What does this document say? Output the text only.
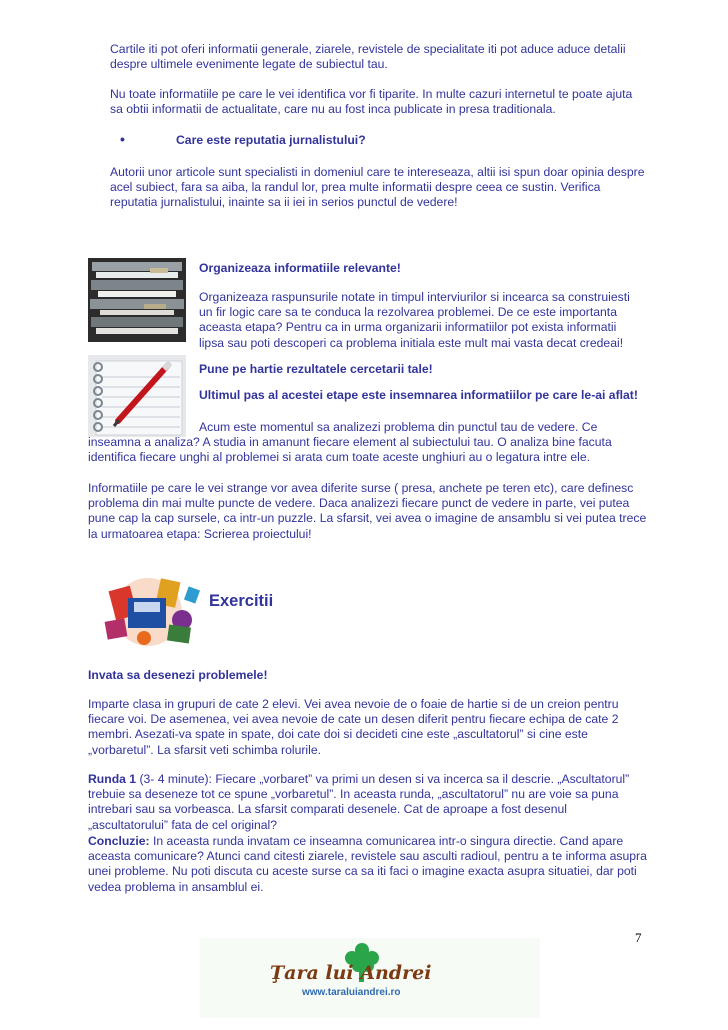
Cartile iti pot oferi informatii generale, ziarele, revistele de specialitate iti pot aduce aduce detalii despre ultimele evenimente legate de subiectul tau.

Nu toate informatiile pe care le vei identifica vor fi tiparite. In multe cazuri internetul te poate ajuta sa obtii informatii de actualitate, care nu au fost inca publicate in presa traditionala.

•	Care este reputatia jurnalistului?

Autorii unor articole sunt specialisti in domeniul care te intereseaza, altii isi spun doar opinia despre acel subiect, fara sa aiba, la randul lor, prea multe informatii despre ceea ce sustin. Verifica reputatia jurnalistului, inainte sa ii iei in serios punctul de vedere!

Organizeaza informatiile relevante!

Organizeaza raspunsurile notate in timpul interviurilor si incearca sa construiesti un fir logic care sa te conduca la rezolvarea problemei. De ce este importanta aceasta etapa? Pentru ca in urma organizarii informatiilor pot exista informatii lipsa sau poti descoperi ca problema initiala este mult mai vasta decat credeai!

Pune pe hartie rezultatele cercetarii tale!

Ultimul pas al acestei etape este insemnarea informatiilor pe care le-ai aflat!

Acum este momentul sa analizezi problema din punctul tau de vedere. Ce

inseamna a analiza? A studia in amanunt fiecare element al subiectului tau. O analiza bine facuta identifica fiecare unghi al problemei si arata cum toate aceste unghiuri au o legatura intre ele.

Informatiile pe care le vei strange vor avea diferite surse ( presa, anchete pe teren etc), care definesc problema din mai multe puncte de vedere. Daca analizezi fiecare punct de vedere in parte, vei putea pune cap la cap sursele, ca intr-un puzzle. La sfarsit, vei avea o imagine de ansamblu si vei putea trece la urmatoarea etapa: Scrierea proiectului!

Exercitii

Invata sa desenezi problemele!

Imparte clasa in grupuri de cate 2 elevi. Vei avea nevoie de o foaie de hartie si de un creion pentru fiecare voi. De asemenea, vei avea nevoie de cate un desen diferit pentru fiecare echipa de cate 2 membri. Asezati-va spate in spate, doi cate doi si decideti cine este „ascultatorul” si cine este „vorbaretul”. La sfarsit veti schimba rolurile.

Runda 1 (3- 4 minute): Fiecare „vorbaret” va primi un desen si va incerca sa il descrie. „Ascultatorul” trebuie sa deseneze tot ce spune „vorbaretul”. In aceasta runda, „ascultatorul” nu are voie sa puna intrebari sau sa vorbeasca. La sfarsit comparati desenele. Cat de aproape a fost desenul „ascultatorului” fata de cel original?

Concluzie: In aceasta runda invatam ce inseamna comunicarea intr-o singura directie. Cand apare aceasta comunicare? Atunci cand citesti ziarele, revistele sau asculti radioul, pentru a te informa asupra unei probleme. Nu poti discuta cu aceste surse ca sa iti faci o imagine exacta asupra situatiei, dar poti vedea problema in ansamblul ei.

7
Ţara lui Andrei
www.taraluiandrei.ro
